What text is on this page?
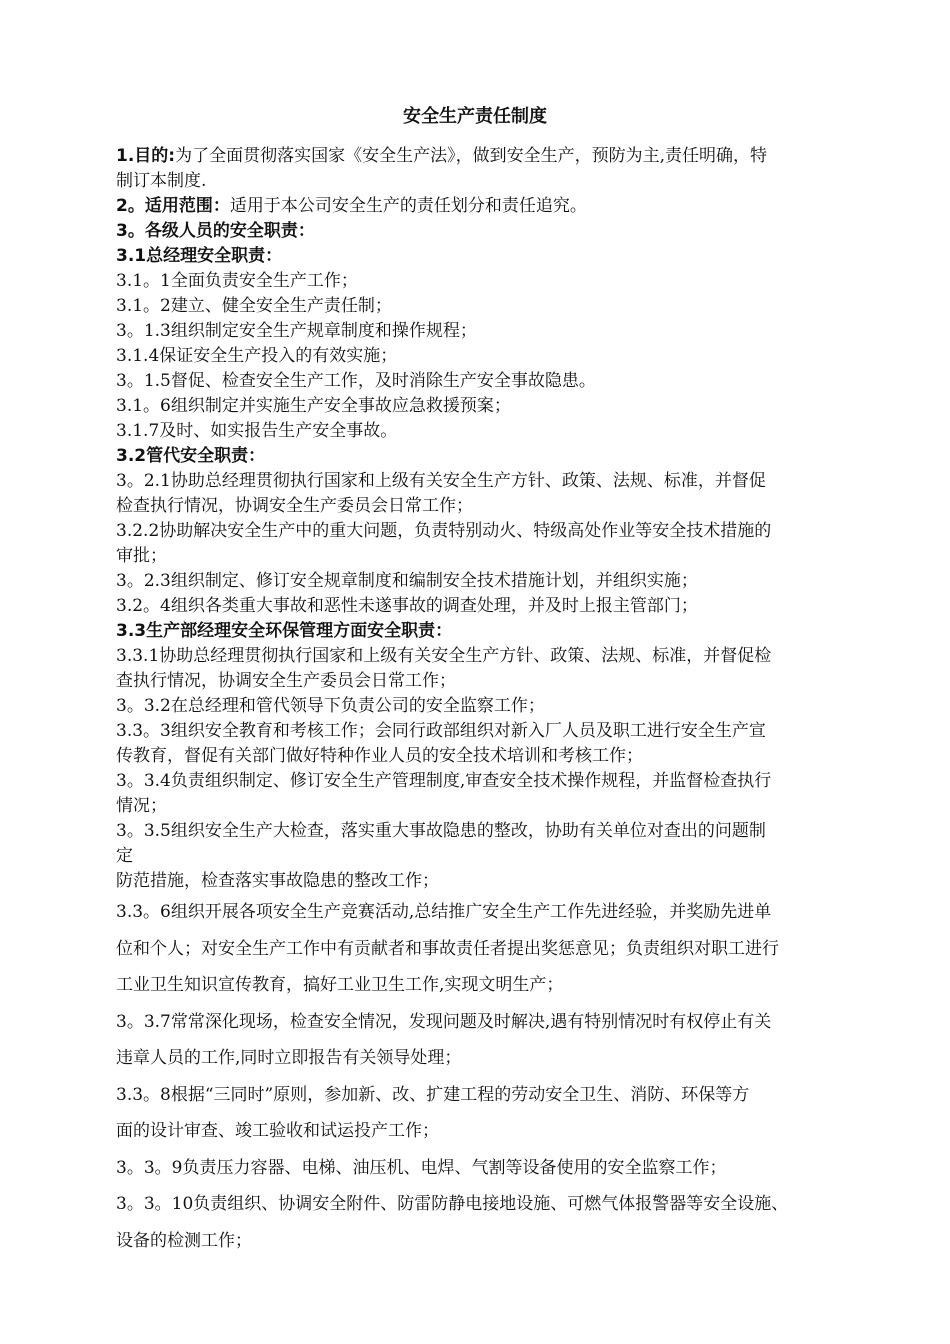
安全生产责任制度
1.目的:为了全面贯彻落实国家《安全生产法》，做到安全生产，预防为主,责任明确，特
制订本制度.
2。适用范围：适用于本公司安全生产的责任划分和责任追究。
3。各级人员的安全职责：
3.1总经理安全职责：
3.1。1全面负责安全生产工作；
3.1。2建立、健全安全生产责任制；
3。1.3组织制定安全生产规章制度和操作规程；
3.1.4保证安全生产投入的有效实施；
3。1.5督促、检查安全生产工作，及时消除生产安全事故隐患。
3.1。6组织制定并实施生产安全事故应急救援预案；
3.1.7及时、如实报告生产安全事故。
3.2管代安全职责：
3。2.1协助总经理贯彻执行国家和上级有关安全生产方针、政策、法规、标准，并督促
检查执行情况，协调安全生产委员会日常工作；
3.2.2协助解决安全生产中的重大问题，负责特别动火、特级高处作业等安全技术措施的
审批；
3。2.3组织制定、修订安全规章制度和编制安全技术措施计划，并组织实施；
3.2。4组织各类重大事故和恶性未遂事故的调查处理，并及时上报主管部门；
3.3生产部经理安全环保管理方面安全职责：
3.3.1协助总经理贯彻执行国家和上级有关安全生产方针、政策、法规、标准，并督促检
查执行情况，协调安全生产委员会日常工作；
3。3.2在总经理和管代领导下负责公司的安全监察工作；
3.3。3组织安全教育和考核工作；会同行政部组织对新入厂人员及职工进行安全生产宣
传教育，督促有关部门做好特种作业人员的安全技术培训和考核工作；
3。3.4负责组织制定、修订安全生产管理制度,审查安全技术操作规程，并监督检查执行
情况；
3。3.5组织安全生产大检查，落实重大事故隐患的整改，协助有关单位对查出的问题制
定
防范措施，检查落实事故隐患的整改工作；
3.3。6组织开展各项安全生产竞赛活动,总结推广安全生产工作先进经验，并奖励先进单
位和个人；对安全生产工作中有贡献者和事故责任者提出奖惩意见；负责组织对职工进行
工业卫生知识宣传教育，搞好工业卫生工作,实现文明生产；
3。3.7常常深化现场，检查安全情况，发现问题及时解决,遇有特别情况时有权停止有关
违章人员的工作,同时立即报告有关领导处理；
3.3。8根据“三同时”原则，参加新、改、扩建工程的劳动安全卫生、消防、环保等方
面的设计审查、竣工验收和试运投产工作；
3。3。9负责压力容器、电梯、油压机、电焊、气割等设备使用的安全监察工作；
3。3。10负责组织、协调安全附件、防雷防静电接地设施、可燃气体报警器等安全设施、
设备的检测工作；
